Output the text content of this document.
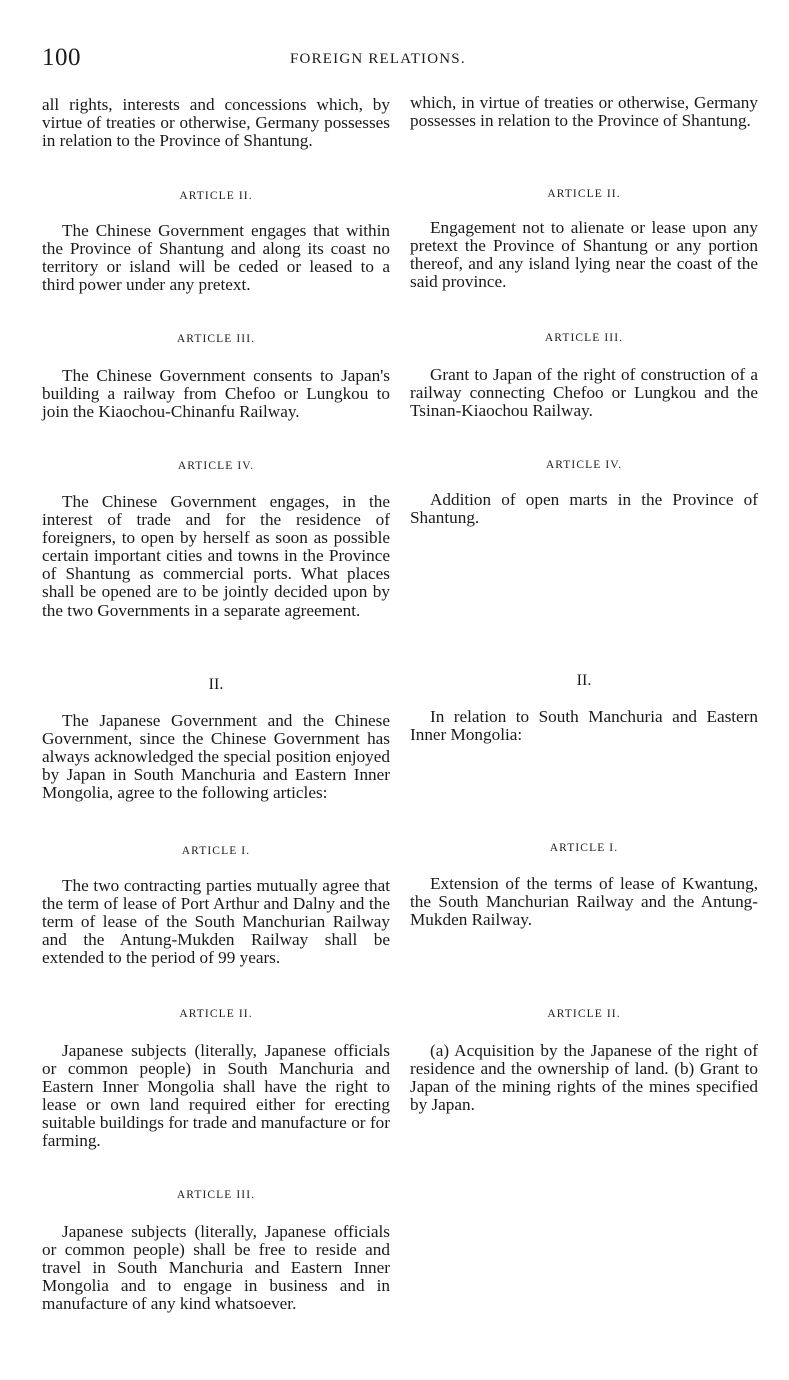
100	FOREIGN RELATIONS.

all rights, interests and concessions which, by virtue of treaties or otherwise, Germany possesses in relation to the Province of Shantung.

ARTICLE II.

The Chinese Government engages that within the Province of Shantung and along its coast no territory or island will be ceded or leased to a third power under any pretext.

ARTICLE III.

The Chinese Government consents to Japan's building a railway from Chefoo or Lungkou to join the Kiaochou-Chinanfu Railway.

ARTICLE IV.

The Chinese Government engages, in the interest of trade and for the residence of foreigners, to open by herself as soon as possible certain important cities and towns in the Province of Shantung as commercial ports. What places shall be opened are to be jointly decided upon by the two Governments in a separate agreement.

II.

The Japanese Government and the Chinese Government, since the Chinese Government has always acknowledged the special position enjoyed by Japan in South Manchuria and Eastern Inner Mongolia, agree to the following articles:

ARTICLE I.

The two contracting parties mutually agree that the term of lease of Port Arthur and Dalny and the term of lease of the South Manchurian Railway and the Antung-Mukden Railway shall be extended to the period of 99 years.

ARTICLE II.

Japanese subjects (literally, Japanese officials or common people) in South Manchuria and Eastern Inner Mongolia shall have the right to lease or own land required either for erecting suitable buildings for trade and manufacture or for farming.

ARTICLE III.

Japanese subjects (literally, Japanese officials or common people) shall be free to reside and travel in South Manchuria and Eastern Inner Mongolia and to engage in business and in manufacture of any kind whatsoever.

which, in virtue of treaties or otherwise, Germany possesses in relation to the Province of Shantung.

ARTICLE II.

Engagement not to alienate or lease upon any pretext the Province of Shantung or any portion thereof, and any island lying near the coast of the said province.

ARTICLE III.

Grant to Japan of the right of construction of a railway connecting Chefoo or Lungkou and the Tsinan-Kiaochou Railway.

ARTICLE IV.

Addition of open marts in the Province of Shantung.

II.

In relation to South Manchuria and Eastern Inner Mongolia:

ARTICLE I.

Extension of the terms of lease of Kwantung, the South Manchurian Railway and the Antung-Mukden Railway.

ARTICLE II.

(a) Acquisition by the Japanese of the right of residence and the ownership of land. (b) Grant to Japan of the mining rights of the mines specified by Japan.
